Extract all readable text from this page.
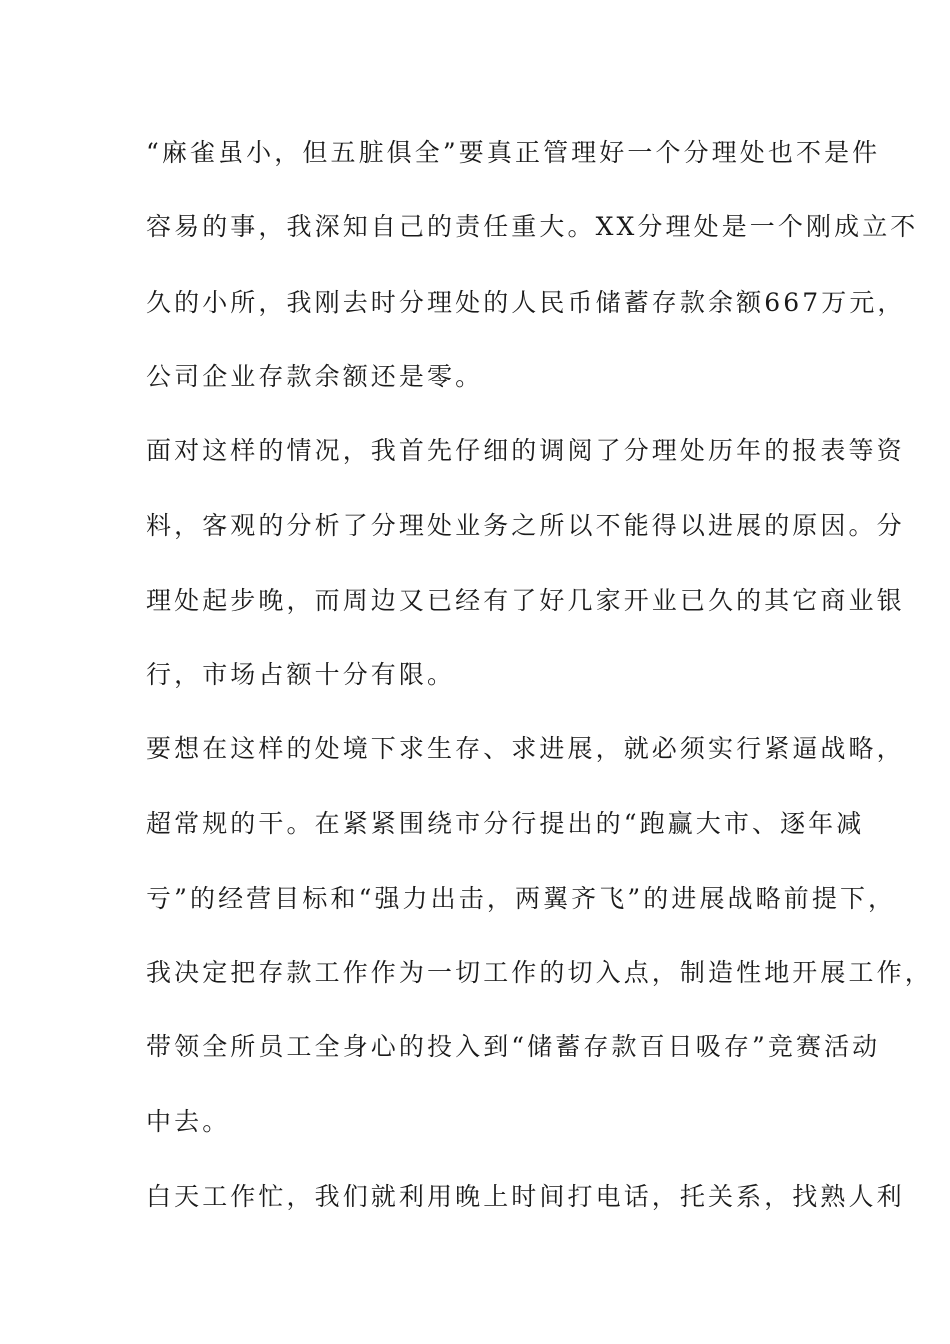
“麻雀虽小，但五脏俱全”要真正管理好一个分理处也不是件
容易的事，我深知自己的责任重大。XX分理处是一个刚成立不
久的小所，我刚去时分理处的人民币储蓄存款余额667万元，
公司企业存款余额还是零。
面对这样的情况，我首先仔细的调阅了分理处历年的报表等资
料，客观的分析了分理处业务之所以不能得以进展的原因。分
理处起步晚，而周边又已经有了好几家开业已久的其它商业银
行，市场占额十分有限。
要想在这样的处境下求生存、求进展，就必须实行紧逼战略，
超常规的干。在紧紧围绕市分行提出的“跑赢大市、逐年减
亏”的经营目标和“强力出击，两翼齐飞”的进展战略前提下，
我决定把存款工作作为一切工作的切入点，制造性地开展工作，
带领全所员工全身心的投入到“储蓄存款百日吸存”竞赛活动
中去。
白天工作忙，我们就利用晚上时间打电话，托关系，找熟人利
